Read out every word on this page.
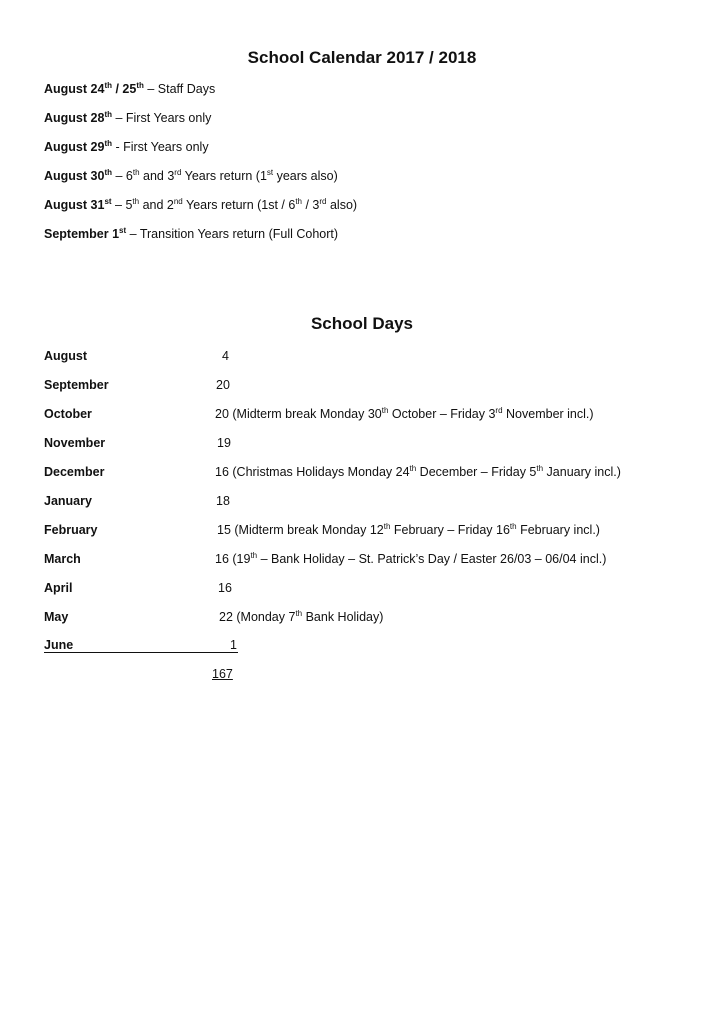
School Calendar 2017 / 2018
August 24th / 25th – Staff Days
August 28th – First Years only
August 29th - First Years only
August 30th – 6th and 3rd Years return (1st years also)
August 31st – 5th and 2nd Years return (1st / 6th / 3rd also)
September 1st – Transition Years return (Full Cohort)
School Days
August	4
September	20
October	20 (Midterm break Monday 30th October – Friday 3rd November incl.)
November	19
December	16 (Christmas Holidays Monday 24th December – Friday 5th January incl.)
January	18
February	15 (Midterm break Monday 12th February – Friday 16th February incl.)
March	16 (19th – Bank Holiday – St. Patrick’s Day / Easter 26/03 – 06/04 incl.)
April	16
May	22 (Monday 7th Bank Holiday)
June	1
167
